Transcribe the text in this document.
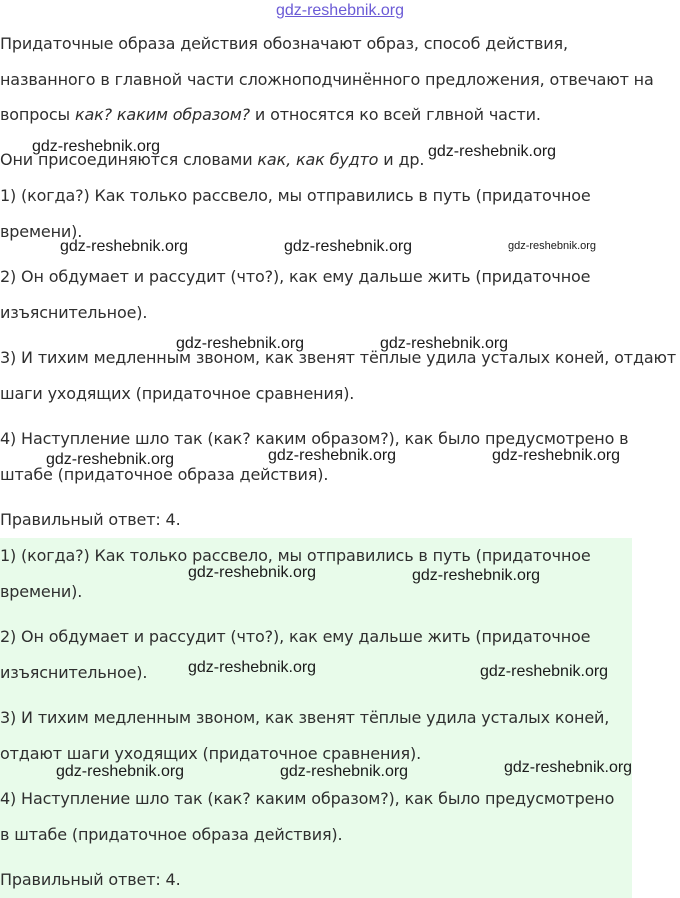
gdz-reshebnik.org
Придаточные образа действия обозначают образ, способ действия,
названного в главной части сложноподчинённого предложения, отвечают на
вопросы как? каким образом? и относятся ко всей глвной части.
Они присоединяются словами как, как будто и др.
1) (когда?) Как только рассвело, мы отправились в путь (придаточное
времени).
2) Он обдумает и рассудит (что?), как ему дальше жить (придаточное
изъяснительное).
3) И тихим медленным звоном, как звенят тёплые удила усталых коней, отдают
шаги уходящих (придаточное сравнения).
4) Наступление шло так (как? каким образом?), как было предусмотрено в
штабе (придаточное образа действия).
Правильный ответ: 4.
1) (когда?) Как только рассвело, мы отправились в путь (придаточное
времени).
2) Он обдумает и рассудит (что?), как ему дальше жить (придаточное
изъяснительное).
3) И тихим медленным звоном, как звенят тёплые удила усталых коней,
отдают шаги уходящих (придаточное сравнения).
4) Наступление шло так (как? каким образом?), как было предусмотрено
в штабе (придаточное образа действия).
Правильный ответ: 4.
gdz-reshebnik.org	gdz-reshebnik.org
gdz-reshebnik.org	gdz-reshebnik.org	gdz-reshebnik.org
gdz-reshebnik.org	gdz-reshebnik.org
gdz-reshebnik.org	gdz-reshebnik.org	gdz-reshebnik.org
gdz-reshebnik.org	gdz-reshebnik.org
gdz-reshebnik.org	gdz-reshebnik.org
gdz-reshebnik.org	gdz-reshebnik.org	gdz-reshebnik.org
